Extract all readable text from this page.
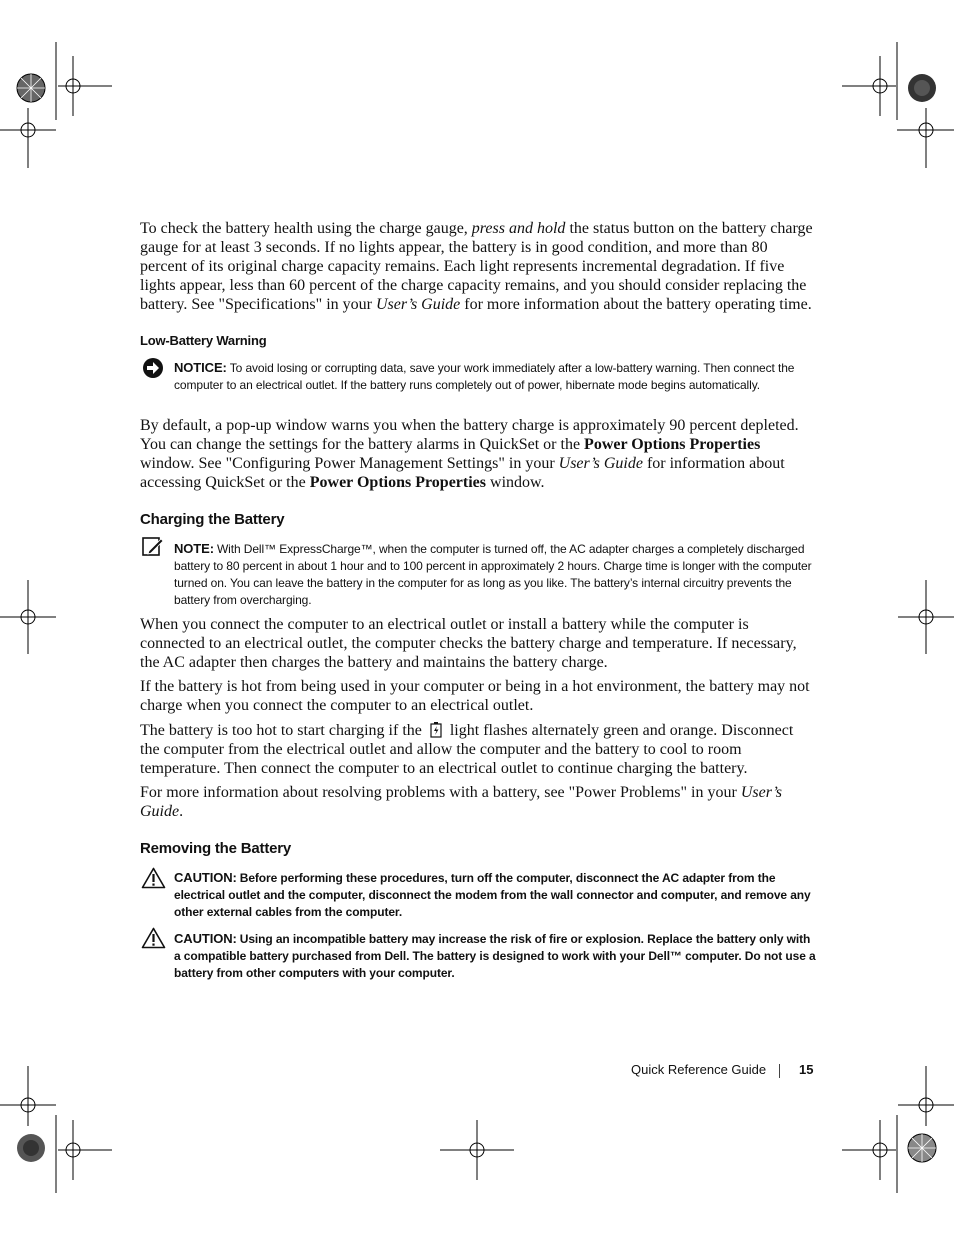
To check the battery health using the charge gauge, press and hold the status button on the battery charge gauge for at least 3 seconds. If no lights appear, the battery is in good condition, and more than 80 percent of its original charge capacity remains. Each light represents incremental degradation. If five lights appear, less than 60 percent of the charge capacity remains, and you should consider replacing the battery. See "Specifications" in your User’s Guide for more information about the battery operating time.

Low-Battery Warning
NOTICE: To avoid losing or corrupting data, save your work immediately after a low-battery warning. Then connect the computer to an electrical outlet. If the battery runs completely out of power, hibernate mode begins automatically.

By default, a pop-up window warns you when the battery charge is approximately 90 percent depleted. You can change the settings for the battery alarms in QuickSet or the Power Options Properties window. See "Configuring Power Management Settings" in your User’s Guide for information about accessing QuickSet or the Power Options Properties window.

Charging the Battery
NOTE: With Dell™ ExpressCharge™, when the computer is turned off, the AC adapter charges a completely discharged battery to 80 percent in about 1 hour and to 100 percent in approximately 2 hours. Charge time is longer with the computer turned on. You can leave the battery in the computer for as long as you like. The battery’s internal circuitry prevents the battery from overcharging.

When you connect the computer to an electrical outlet or install a battery while the computer is connected to an electrical outlet, the computer checks the battery charge and temperature. If necessary, the AC adapter then charges the battery and maintains the battery charge.

If the battery is hot from being used in your computer or being in a hot environment, the battery may not charge when you connect the computer to an electrical outlet.

The battery is too hot to start charging if the light flashes alternately green and orange. Disconnect the computer from the electrical outlet and allow the computer and the battery to cool to room temperature. Then connect the computer to an electrical outlet to continue charging the battery.

For more information about resolving problems with a battery, see "Power Problems" in your User’s Guide.

Removing the Battery
CAUTION: Before performing these procedures, turn off the computer, disconnect the AC adapter from the electrical outlet and the computer, disconnect the modem from the wall connector and computer, and remove any other external cables from the computer.
CAUTION: Using an incompatible battery may increase the risk of fire or explosion. Replace the battery only with a compatible battery purchased from Dell. The battery is designed to work with your Dell™ computer. Do not use a battery from other computers with your computer.
Quick Reference Guide	15
